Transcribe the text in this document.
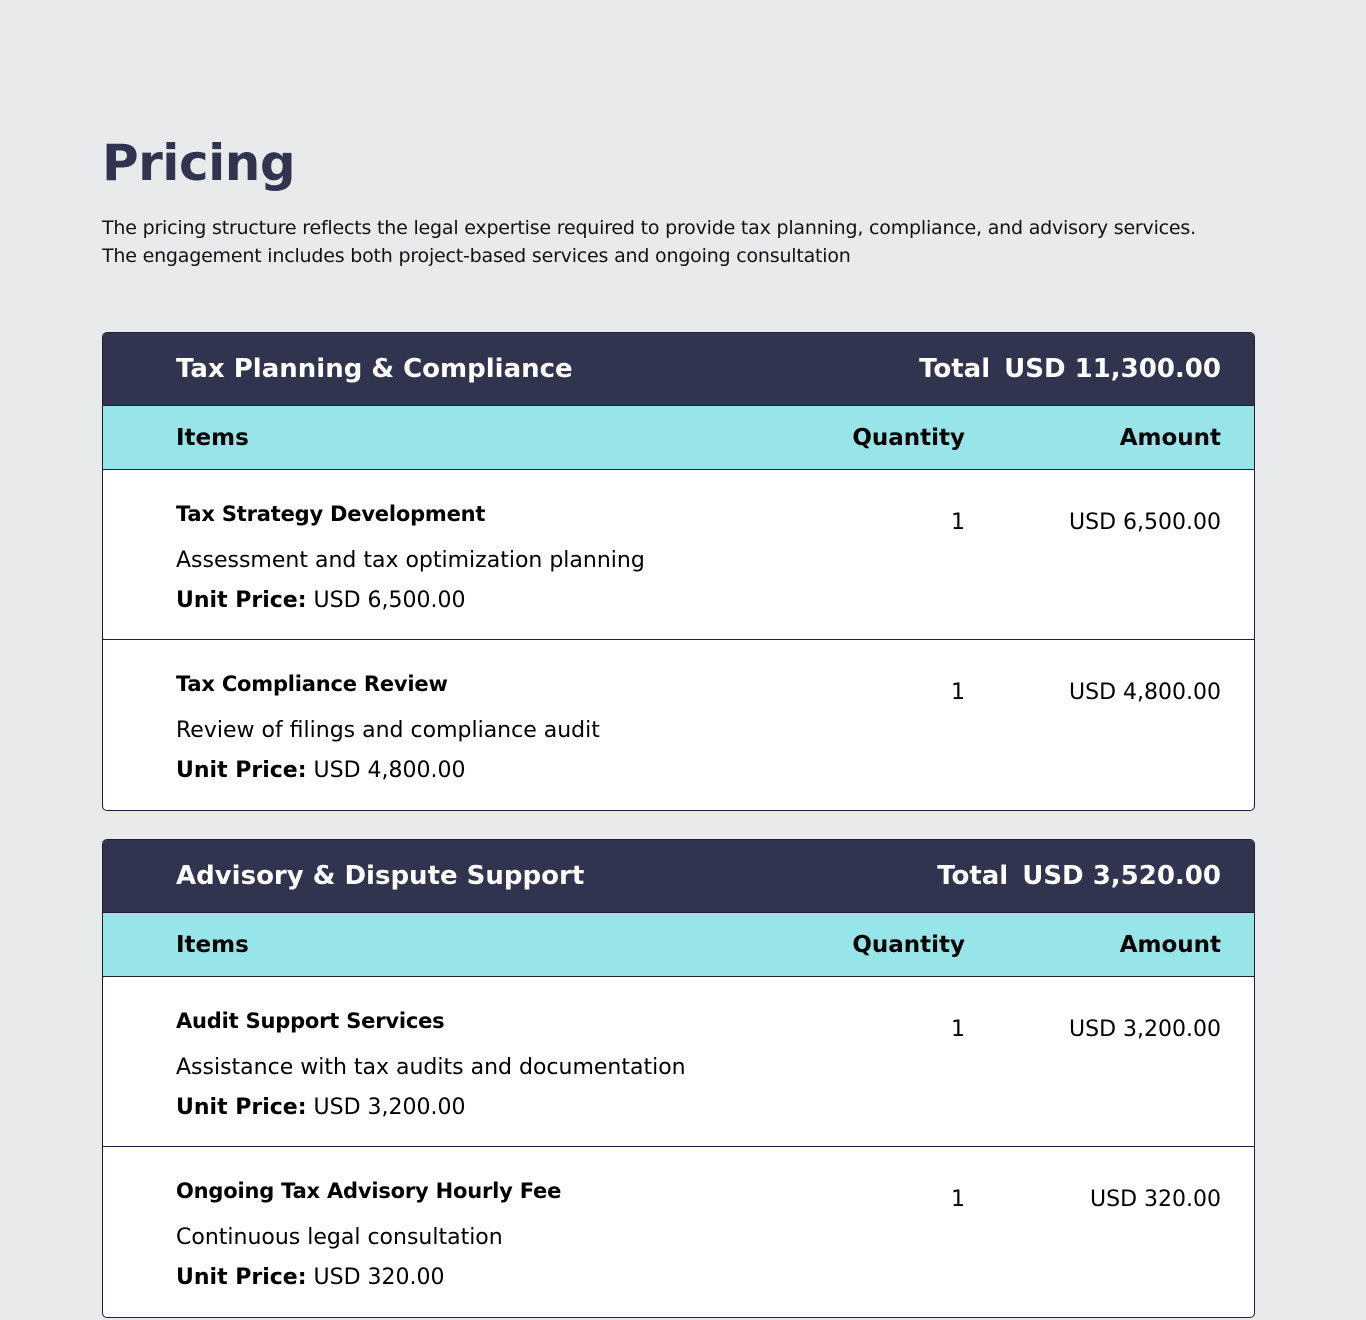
Pricing

The pricing structure reflects the legal expertise required to provide tax planning, compliance, and advisory services. The engagement includes both project-based services and ongoing consultation

Tax Planning & Compliance	Total USD 11,300.00
Items	Quantity	Amount
Tax Strategy Development
Assessment and tax optimization planning
Unit Price: USD 6,500.00
1	USD 6,500.00
Tax Compliance Review
Review of filings and compliance audit
Unit Price: USD 4,800.00
1	USD 4,800.00
Advisory & Dispute Support	Total USD 3,520.00
Items	Quantity	Amount
Audit Support Services
Assistance with tax audits and documentation
Unit Price: USD 3,200.00
1	USD 3,200.00
Ongoing Tax Advisory Hourly Fee
Continuous legal consultation
Unit Price: USD 320.00
1	USD 320.00
